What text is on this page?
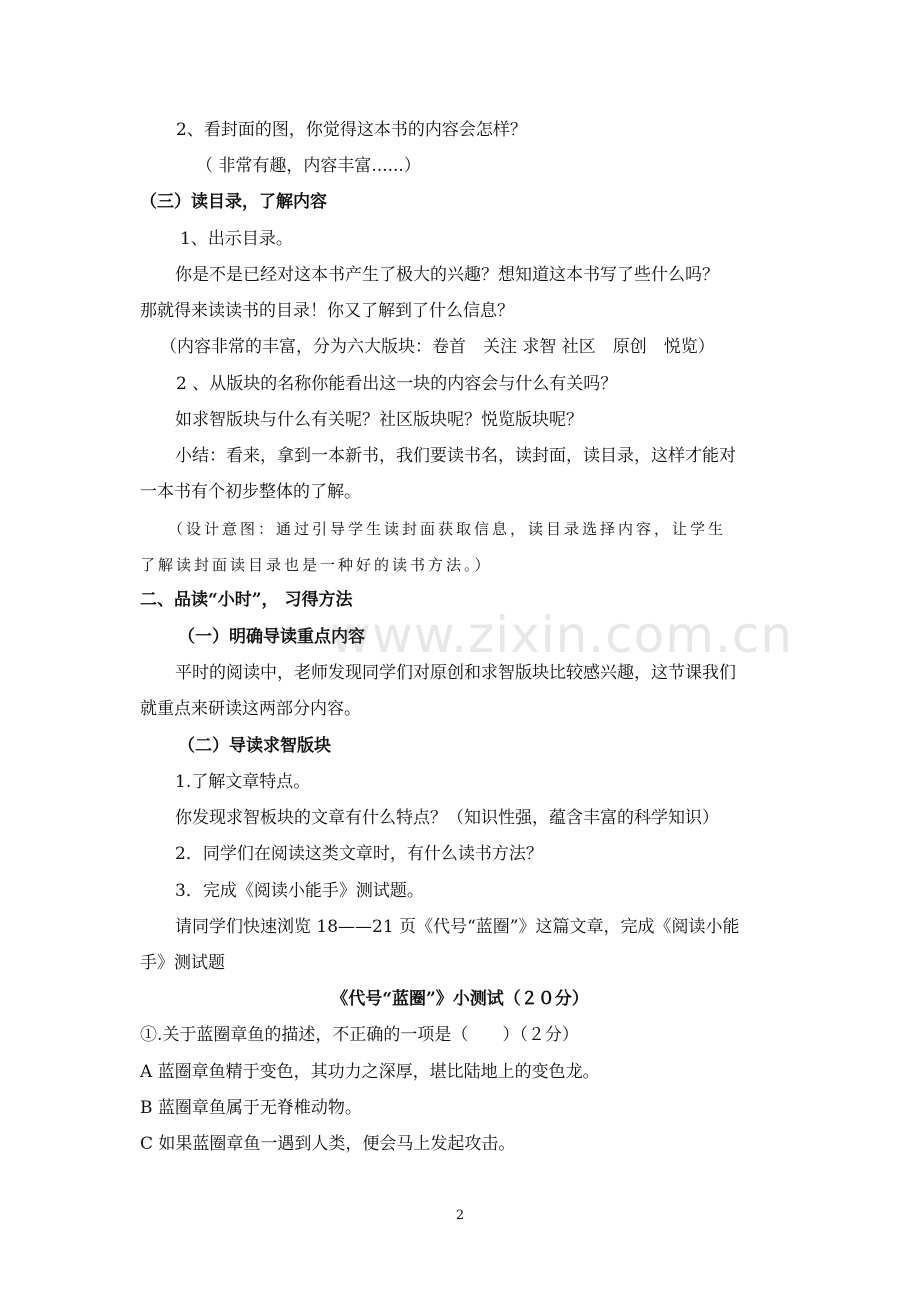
2、看封面的图，你觉得这本书的内容会怎样？
（ 非常有趣，内容丰富......）
（三）读目录，了解内容
1、出示目录。
你是不是已经对这本书产生了极大的兴趣？想知道这本书写了些什么吗？
那就得来读读书的目录！你又了解到了什么信息？
（内容非常的丰富，分为六大版块：卷首　关注 求智 社区　原创　悦览）
2 、从版块的名称你能看出这一块的内容会与什么有关吗？
如求智版块与什么有关呢？社区版块呢？悦览版块呢？
小结：看来，拿到一本新书，我们要读书名，读封面，读目录，这样才能对
一本书有个初步整体的了解。
（设计意图：通过引导学生读封面获取信息，读目录选择内容，让学生
了解读封面读目录也是一种好的读书方法。）
二、品读“小时”， 习得方法
（一）明确导读重点内容
平时的阅读中，老师发现同学们对原创和求智版块比较感兴趣，这节课我们
就重点来研读这两部分内容。
（二）导读求智版块
1.了解文章特点。
你发现求智板块的文章有什么特点？（知识性强，蕴含丰富的科学知识）
2．同学们在阅读这类文章时，有什么读书方法？
3．完成《阅读小能手》测试题。
请同学们快速浏览 18——21 页《代号“蓝圈”》这篇文章，完成《阅读小能
手》测试题
《代号“蓝圈”》小测试（２０分）
①.关于蓝圈章鱼的描述，不正确的一项是（　　）（２分）
A 蓝圈章鱼精于变色，其功力之深厚，堪比陆地上的变色龙。
B 蓝圈章鱼属于无脊椎动物。
C 如果蓝圈章鱼一遇到人类，便会马上发起攻击。
www.zixin.com.cn
2
